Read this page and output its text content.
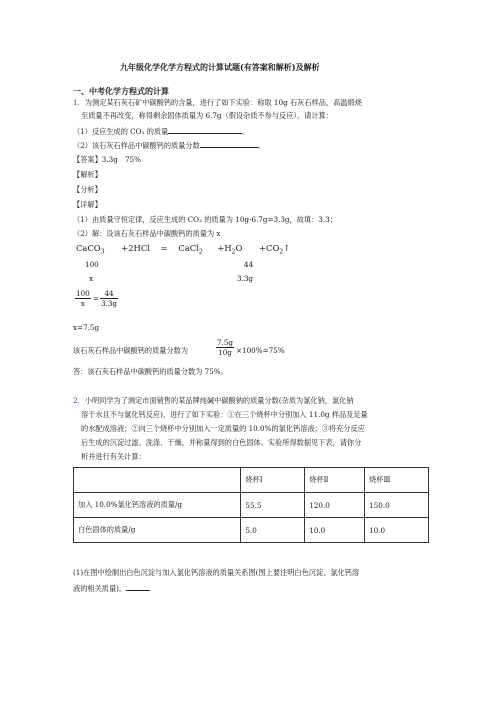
九年级化学化学方程式的计算试题(有答案和解析)及解析
一、中考化学方程式的计算
1．为测定某石灰石矿中碳酸钙的含量，进行了如下实验：称取 10g 石灰石样品，高温煅烧
至质量不再改变，称得剩余固体质量为 6.7g（假设杂质不参与反应）。请计算：
（1）反应生成的 CO₂ 的质量	。
（2）该石灰石样品中碳酸钙的质量分数	。
【答案】3.3g　75%
【解析】
【分析】
【详解】
（1）由质量守恒定律，反应生成的 CO₂ 的质量为 10g-6.7g=3.3g，故填：3.3；
（2）解：设该石灰石样品中碳酸钙的质量为 x
CaCO$_3$ +2HCl = CaCl$_2$ $+H_2O$ $+CO_2↑$
100	44
x	3.3g
100
x
=
44
3.3g
x=7.5g
该石灰石样品中碳酸钙的质量分数为
7.5g
10g ×100%=75%
答：该石灰石样品中碳酸钙的质量分数为 75%。
2．小明同学为了测定市面销售的某品牌纯碱中碳酸钠的质量分数(杂质为氯化钠，氯化钠
溶于水且不与氯化钙反应)，进行了如下实验：①在三个烧杯中分别加入 11.0g 样品及足量
的水配成溶液；②向三个烧杯中分别加入一定质量的 10.0%的氯化钙溶液；③将充分反应
后生成的沉淀过滤、洗涤、干燥，并称量得到的白色固体。实验所得数据见下表，请你分
析并进行有关计算：
	烧杯Ⅰ	烧杯Ⅱ	烧杯Ⅲ
加入 10.0%氯化钙溶液的质量/g	55.5	120.0	150.0
白色固体的质量/g	5.0	10.0	10.0
(1)在图中绘制出白色沉淀与加入氯化钙溶液的质量关系图(图上要注明白色沉淀、氯化钙溶
液的相关质量)。
